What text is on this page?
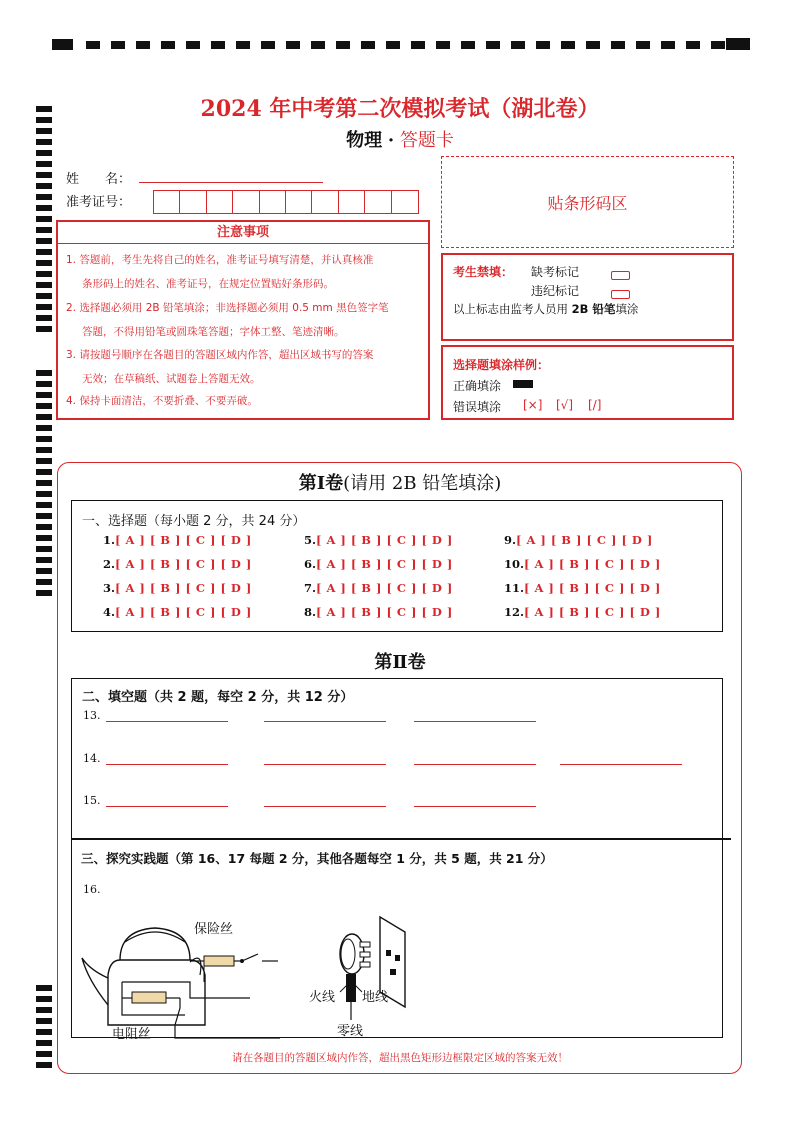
2024 年中考第二次模拟考试（湖北卷）
物理 · 答题卡
姓　　名：
准考证号：	贴条形码区
注意事项
1. 答题前，考生先将自己的姓名，准考证号填写清楚，并认真核准
条形码上的姓名、准考证号，在规定位置贴好条形码。
2. 选择题必须用 2B 铅笔填涂；非选择题必须用 0.5 mm 黑色签字笔
答题，不得用铅笔或圆珠笔答题；字体工整、笔迹清晰。
3. 请按题号顺序在各题目的答题区域内作答，超出区域书写的答案
无效；在草稿纸、试题卷上答题无效。
4. 保持卡面清洁，不要折叠、不要弄破。
考生禁填： 缺考标记
违纪标记
以上标志由监考人员用 2B 铅笔填涂
选择题填涂样例：
正确填涂
错误填涂 [×] [√] [/]
第Ⅰ卷(请用 2B 铅笔填涂)
一、选择题（每小题 2 分，共 24 分）
1.[ A ] [ B ] [ C ] [ D ]
2.[ A ] [ B ] [ C ] [ D ]
3.[ A ] [ B ] [ C ] [ D ]
4.[ A ] [ B ] [ C ] [ D ]
5.[ A ] [ B ] [ C ] [ D ]
6.[ A ] [ B ] [ C ] [ D ]
7.[ A ] [ B ] [ C ] [ D ]
8.[ A ] [ B ] [ C ] [ D ]
9.[ A ] [ B ] [ C ] [ D ]
10.[ A ] [ B ] [ C ] [ D ]
11.[ A ] [ B ] [ C ] [ D ]
12.[ A ] [ B ] [ C ] [ D ]
第Ⅱ卷
二、填空题（共 2 题，每空 2 分，共 12 分）
13.
14.
15.
三、探究实践题（第 16、17 每题 2 分，其他各题每空 1 分，共 5 题，共 21 分）
16.
保险丝
电阻丝
火线 地线
零线
请在各题目的答题区域内作答，超出黑色矩形边框限定区域的答案无效！
